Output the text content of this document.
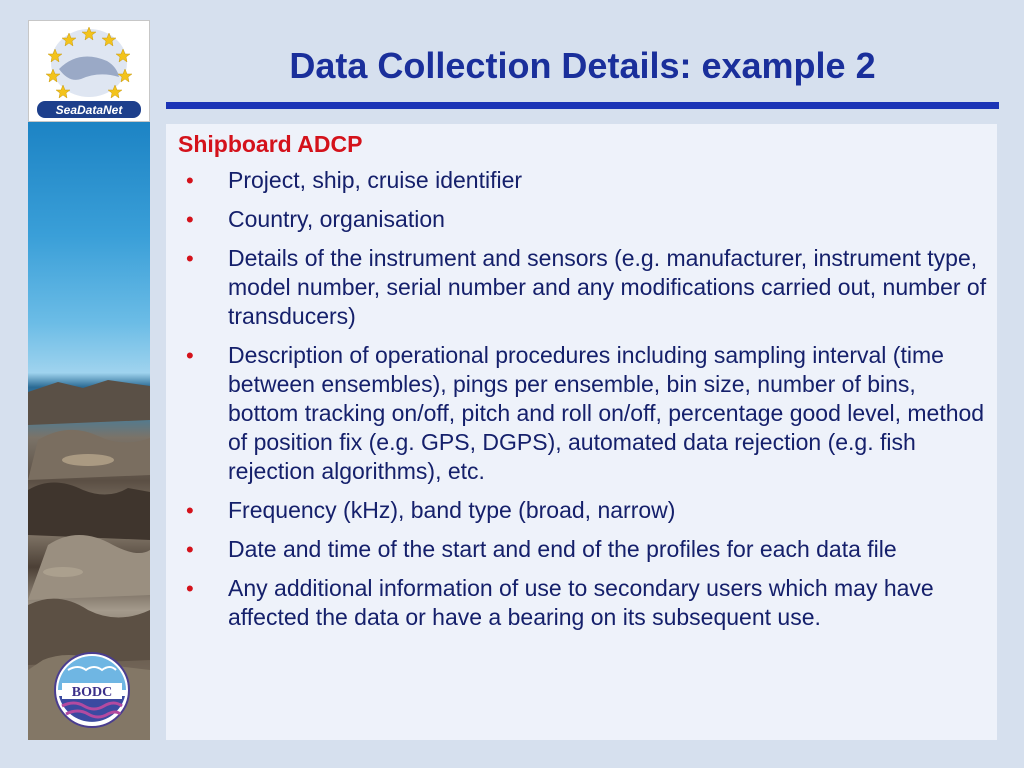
SeaDataNet
BODC
Data Collection Details: example 2
Shipboard ADCP
• Project, ship, cruise identifier
• Country, organisation
• Details of the instrument and sensors (e.g. manufacturer, instrument type, model number, serial number and any modifications carried out, number of transducers)
• Description of operational procedures including sampling interval (time between ensembles), pings per ensemble, bin size, number of bins, bottom tracking on/off, pitch and roll on/off, percentage good level, method of position fix (e.g. GPS, DGPS), automated data rejection (e.g. fish rejection algorithms), etc.
• Frequency (kHz), band type (broad, narrow)
• Date and time of the start and end of the profiles for each data file
• Any additional information of use to secondary users which may have affected the data or have a bearing on its subsequent use.
